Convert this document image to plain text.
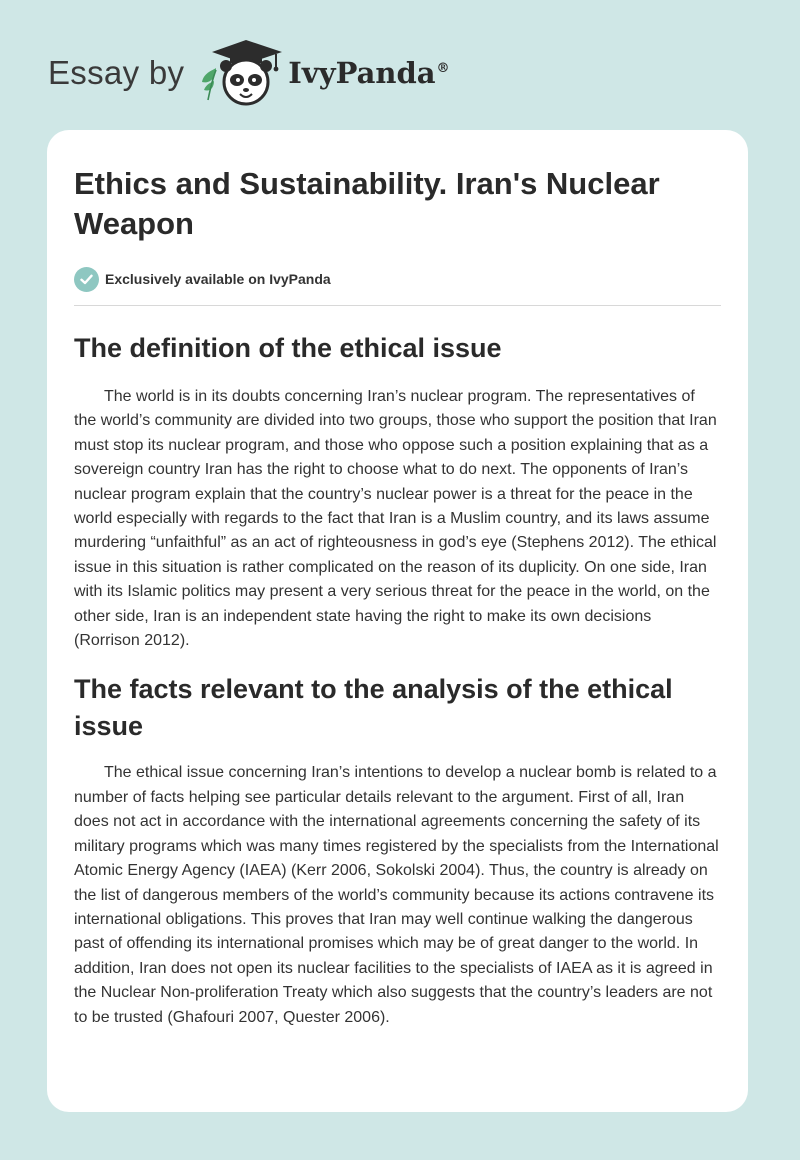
Essay by	IvyPanda®
Ethics and Sustainability. Iran's Nuclear Weapon
Exclusively available on IvyPanda
The definition of the ethical issue

The world is in its doubts concerning Iran’s nuclear program. The representatives of the world’s community are divided into two groups, those who support the position that Iran must stop its nuclear program, and those who oppose such a position explaining that as a sovereign country Iran has the right to choose what to do next. The opponents of Iran’s nuclear program explain that the country’s nuclear power is a threat for the peace in the world especially with regards to the fact that Iran is a Muslim country, and its laws assume murdering “unfaithful” as an act of righteousness in god’s eye (Stephens 2012). The ethical issue in this situation is rather complicated on the reason of its duplicity. On one side, Iran with its Islamic politics may present a very serious threat for the peace in the world, on the other side, Iran is an independent state having the right to make its own decisions (Rorrison 2012).

The facts relevant to the analysis of the ethical issue

The ethical issue concerning Iran’s intentions to develop a nuclear bomb is related to a number of facts helping see particular details relevant to the argument. First of all, Iran does not act in accordance with the international agreements concerning the safety of its military programs which was many times registered by the specialists from the International Atomic Energy Agency (IAEA) (Kerr 2006, Sokolski 2004). Thus, the country is already on the list of dangerous members of the world’s community because its actions contravene its international obligations. This proves that Iran may well continue walking the dangerous past of offending its international promises which may be of great danger to the world. In addition, Iran does not open its nuclear facilities to the specialists of IAEA as it is agreed in the Nuclear Non-proliferation Treaty which also suggests that the country’s leaders are not to be trusted (Ghafouri 2007, Quester 2006).
